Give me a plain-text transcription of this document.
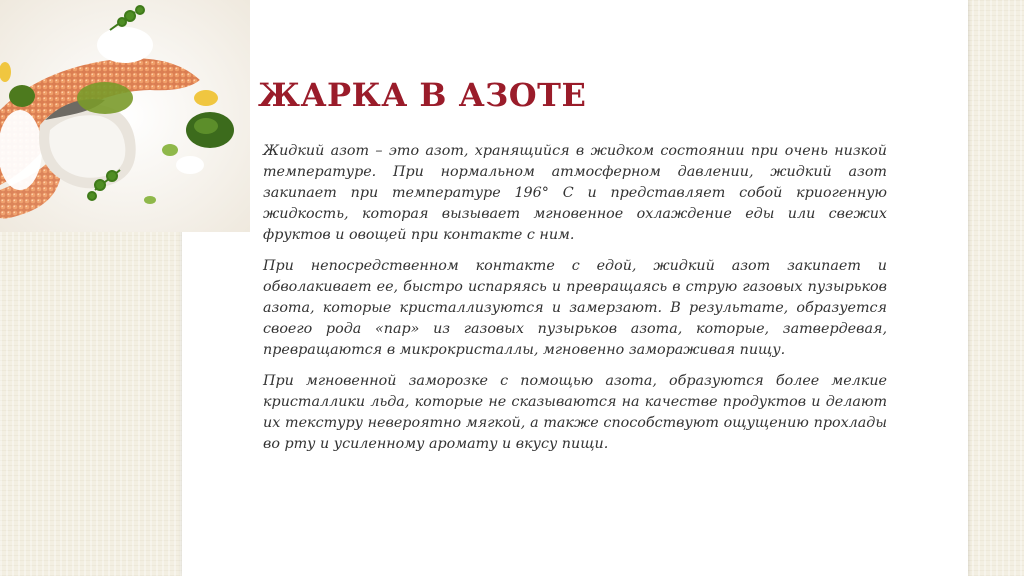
ЖАРКА В АЗОТЕ

Жидкий азот – это азот, хранящийся в жидком состоянии при очень низкой температуре. При нормальном атмосферном давлении, жидкий азот закипает при температуре 196° С и представляет собой криогенную жидкость, которая вызывает мгновенное охлаждение еды или свежих фруктов и овощей при контакте с ним.

При непосредственном контакте с едой, жидкий азот закипает и обволакивает ее, быстро испаряясь и превращаясь в струю газовых пузырьков азота, которые кристаллизуются и замерзают. В результате, образуется своего рода «пар» из газовых пузырьков азота, которые, затвердевая, превращаются в микрокристаллы, мгновенно замораживая пищу.

При мгновенной заморозке с помощью азота, образуются более мелкие кристаллики льда, которые не сказываются на качестве продуктов и делают их текстуру невероятно мягкой, а также способствуют ощущению прохлады во рту и усиленному аромату и вкусу пищи.
